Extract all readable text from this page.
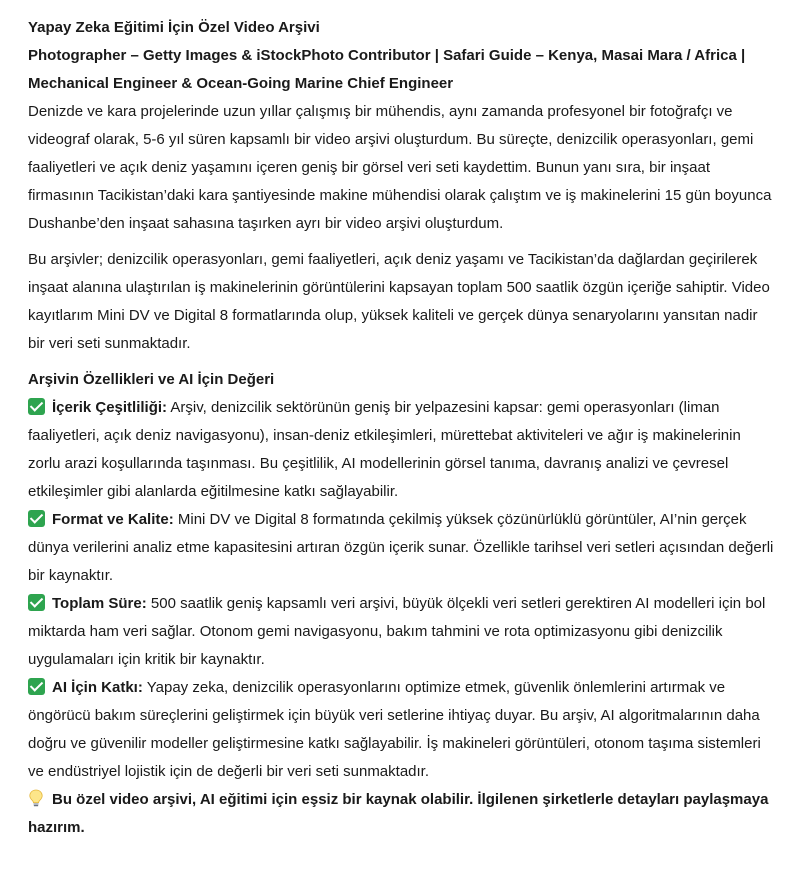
Yapay Zeka Eğitimi İçin Özel Video Arşivi

Photographer – Getty Images & iStockPhoto Contributor | Safari Guide – Kenya, Masai Mara / Africa | Mechanical Engineer & Ocean-Going Marine Chief Engineer

Denizde ve kara projelerinde uzun yıllar çalışmış bir mühendis, aynı zamanda profesyonel bir fotoğrafçı ve videograf olarak, 5-6 yıl süren kapsamlı bir video arşivi oluşturdum. Bu süreçte, denizcilik operasyonları, gemi faaliyetleri ve açık deniz yaşamını içeren geniş bir görsel veri seti kaydettim. Bunun yanı sıra, bir inşaat firmasının Tacikistan’daki kara şantiyesinde makine mühendisi olarak çalıştım ve iş makinelerini 15 gün boyunca Dushanbe’den inşaat sahasına taşırken ayrı bir video arşivi oluşturdum.

Bu arşivler; denizcilik operasyonları, gemi faaliyetleri, açık deniz yaşamı ve Tacikistan’da dağlardan geçirilerek inşaat alanına ulaştırılan iş makinelerinin görüntülerini kapsayan toplam 500 saatlik özgün içeriğe sahiptir. Video kayıtlarım Mini DV ve Digital 8 formatlarında olup, yüksek kaliteli ve gerçek dünya senaryolarını yansıtan nadir bir veri seti sunmaktadır.

Arşivin Özellikleri ve AI İçin Değeri

İçerik Çeşitliliği: Arşiv, denizcilik sektörünün geniş bir yelpazesini kapsar: gemi operasyonları (liman faaliyetleri, açık deniz navigasyonu), insan-deniz etkileşimleri, mürettebat aktiviteleri ve ağır iş makinelerinin zorlu arazi koşullarında taşınması. Bu çeşitlilik, AI modellerinin görsel tanıma, davranış analizi ve çevresel etkileşimler gibi alanlarda eğitilmesine katkı sağlayabilir.

Format ve Kalite: Mini DV ve Digital 8 formatında çekilmiş yüksek çözünürlüklü görüntüler, AI’nin gerçek dünya verilerini analiz etme kapasitesini artıran özgün içerik sunar. Özellikle tarihsel veri setleri açısından değerli bir kaynaktır.

Toplam Süre: 500 saatlik geniş kapsamlı veri arşivi, büyük ölçekli veri setleri gerektiren AI modelleri için bol miktarda ham veri sağlar. Otonom gemi navigasyonu, bakım tahmini ve rota optimizasyonu gibi denizcilik uygulamaları için kritik bir kaynaktır.

AI İçin Katkı: Yapay zeka, denizcilik operasyonlarını optimize etmek, güvenlik önlemlerini artırmak ve öngörücü bakım süreçlerini geliştirmek için büyük veri setlerine ihtiyaç duyar. Bu arşiv, AI algoritmalarının daha doğru ve güvenilir modeller geliştirmesine katkı sağlayabilir. İş makineleri görüntüleri, otonom taşıma sistemleri ve endüstriyel lojistik için de değerli bir veri seti sunmaktadır.

Bu özel video arşivi, AI eğitimi için eşsiz bir kaynak olabilir. İlgilenen şirketlerle detayları paylaşmaya hazırım.
